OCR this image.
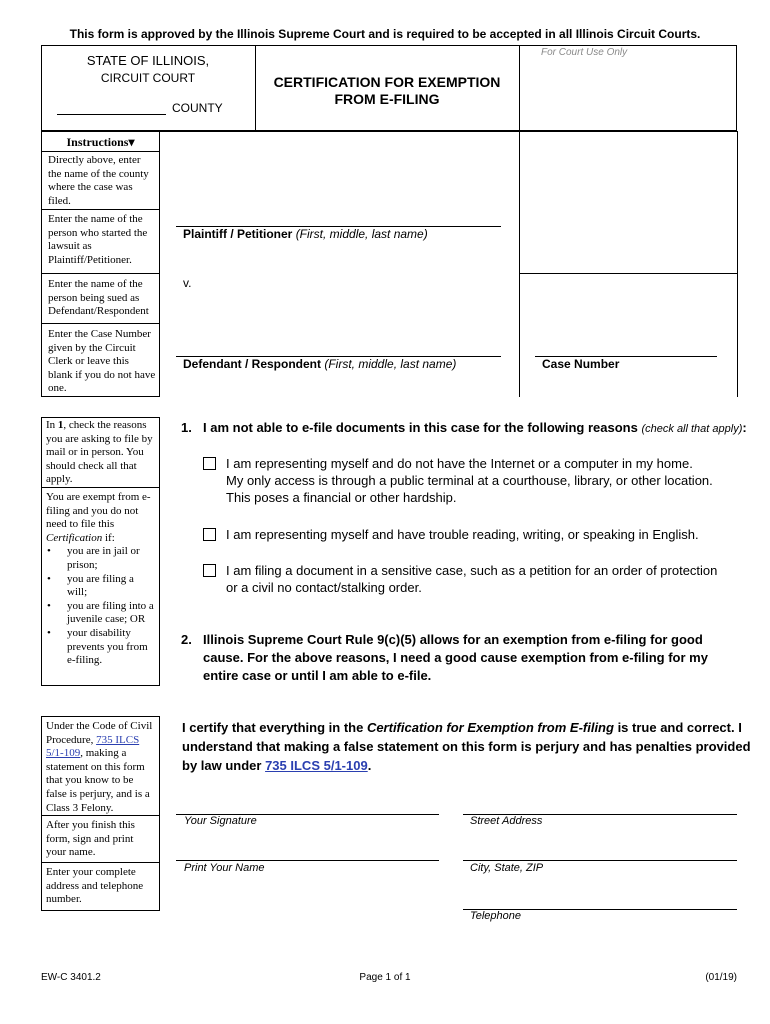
This form is approved by the Illinois Supreme Court and is required to be accepted in all Illinois Circuit Courts.
STATE OF ILLINOIS,
CIRCUIT COURT
COUNTY
CERTIFICATION FOR EXEMPTION
FROM E-FILING
For Court Use Only
Instructions▾
Directly above, enter the name of the county where the case was filed.
Enter the name of the person who started the lawsuit as Plaintiff/Petitioner.
Enter the name of the person being sued as Defendant/Respondent
Enter the Case Number given by the Circuit Clerk or leave this blank if you do not have one.
Plaintiff / Petitioner (First, middle, last name)
v.
Defendant / Respondent (First, middle, last name)	Case Number
In 1, check the reasons you are asking to file by mail or in person. You should check all that apply.
You are exempt from e-filing and you do not need to file this Certification if:
• you are in jail or prison;
• you are filing a will;
• you are filing into a juvenile case; OR
• your disability prevents you from e-filing.
1. I am not able to e-file documents in this case for the following reasons (check all that apply):
I am representing myself and do not have the Internet or a computer in my home.
My only access is through a public terminal at a courthouse, library, or other location.
This poses a financial or other hardship.
I am representing myself and have trouble reading, writing, or speaking in English.
I am filing a document in a sensitive case, such as a petition for an order of protection
or a civil no contact/stalking order.
2. Illinois Supreme Court Rule 9(c)(5) allows for an exemption from e-filing for good
cause. For the above reasons, I need a good cause exemption from e-filing for my
entire case or until I am able to e-file.
Under the Code of Civil Procedure, 735 ILCS 5/1-109, making a statement on this form that you know to be false is perjury, and is a Class 3 Felony.
After you finish this form, sign and print your name.
Enter your complete address and telephone number.
I certify that everything in the Certification for Exemption from E-filing is true and correct. I
understand that making a false statement on this form is perjury and has penalties provided
by law under 735 ILCS 5/1-109.
Your Signature	Street Address
Print Your Name	City, State, ZIP
Telephone
EW-C 3401.2	Page 1 of 1	(01/19)
